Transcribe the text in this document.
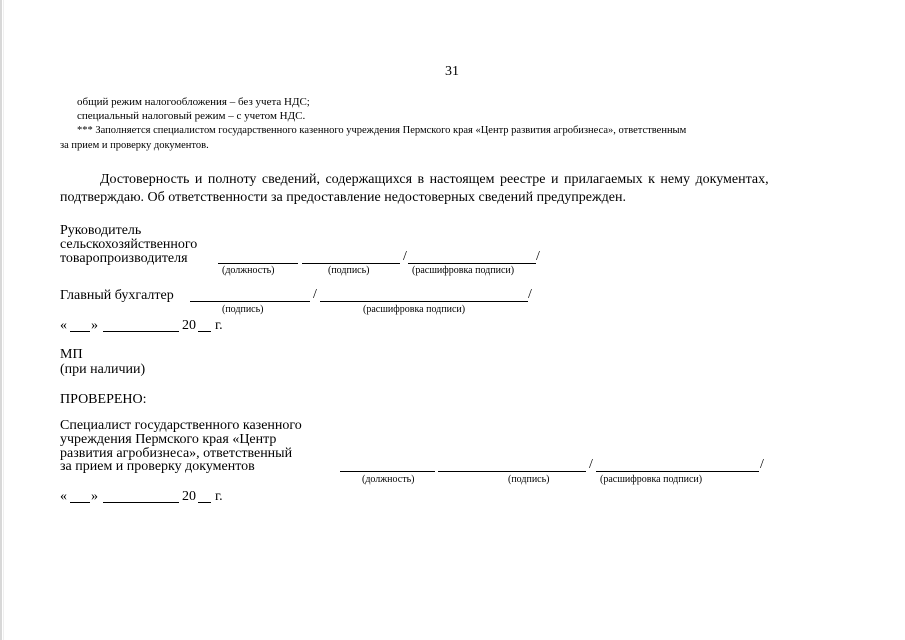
31
общий режим налогообложения – без учета НДС;
специальный налоговый режим – с учетом НДС.
*** Заполняется специалистом государственного казенного учреждения Пермского края «Центр развития агробизнеса», ответственным
за прием и проверку документов.
Достоверность и полноту сведений, содержащихся в настоящем реестре и прилагаемых к нему документах,
подтверждаю. Об ответственности за предоставление недостоверных сведений предупрежден.
Руководитель
сельскохозяйственного
товаропроизводителя	/	/
(должность)	(подпись)	(расшифровка подписи)
Главный бухгалтер	/	/
(подпись)	(расшифровка подписи)
« »	20 г.
МП
(при наличии)
ПРОВЕРЕНО:
Специалист государственного казенного
учреждения Пермского края «Центр
развития агробизнеса», ответственный
за прием и проверку документов	/	/
(должность)	(подпись)	(расшифровка подписи)
« »	20 г.
